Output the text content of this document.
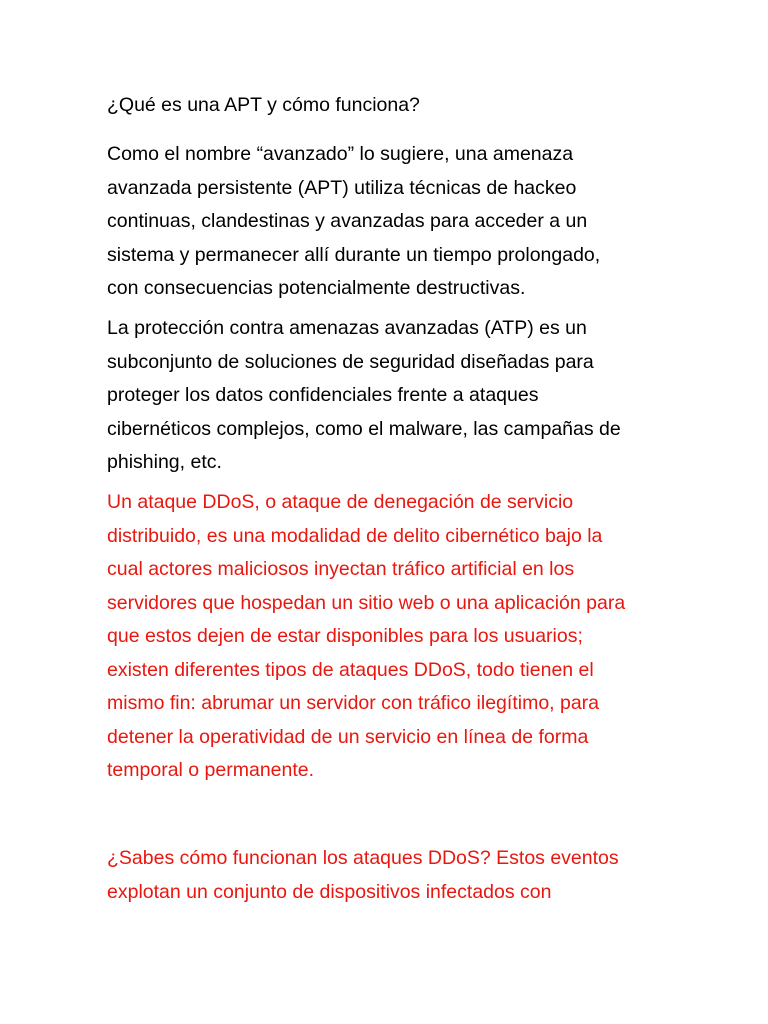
¿Qué es una APT y cómo funciona?

Como el nombre “avanzado” lo sugiere, una amenaza
avanzada persistente (APT) utiliza técnicas de hackeo
continuas, clandestinas y avanzadas para acceder a un
sistema y permanecer allí durante un tiempo prolongado,
con consecuencias potencialmente destructivas.

La protección contra amenazas avanzadas (ATP) es un
subconjunto de soluciones de seguridad diseñadas para
proteger los datos confidenciales frente a ataques
cibernéticos complejos, como el malware, las campañas de
phishing, etc.

Un ataque DDoS, o ataque de denegación de servicio
distribuido, es una modalidad de delito cibernético bajo la
cual actores maliciosos inyectan tráfico artificial en los
servidores que hospedan un sitio web o una aplicación para
que estos dejen de estar disponibles para los usuarios;
existen diferentes tipos de ataques DDoS, todo tienen el
mismo fin: abrumar un servidor con tráfico ilegítimo, para
detener la operatividad de un servicio en línea de forma
temporal o permanente.

¿Sabes cómo funcionan los ataques DDoS? Estos eventos
explotan un conjunto de dispositivos infectados con
